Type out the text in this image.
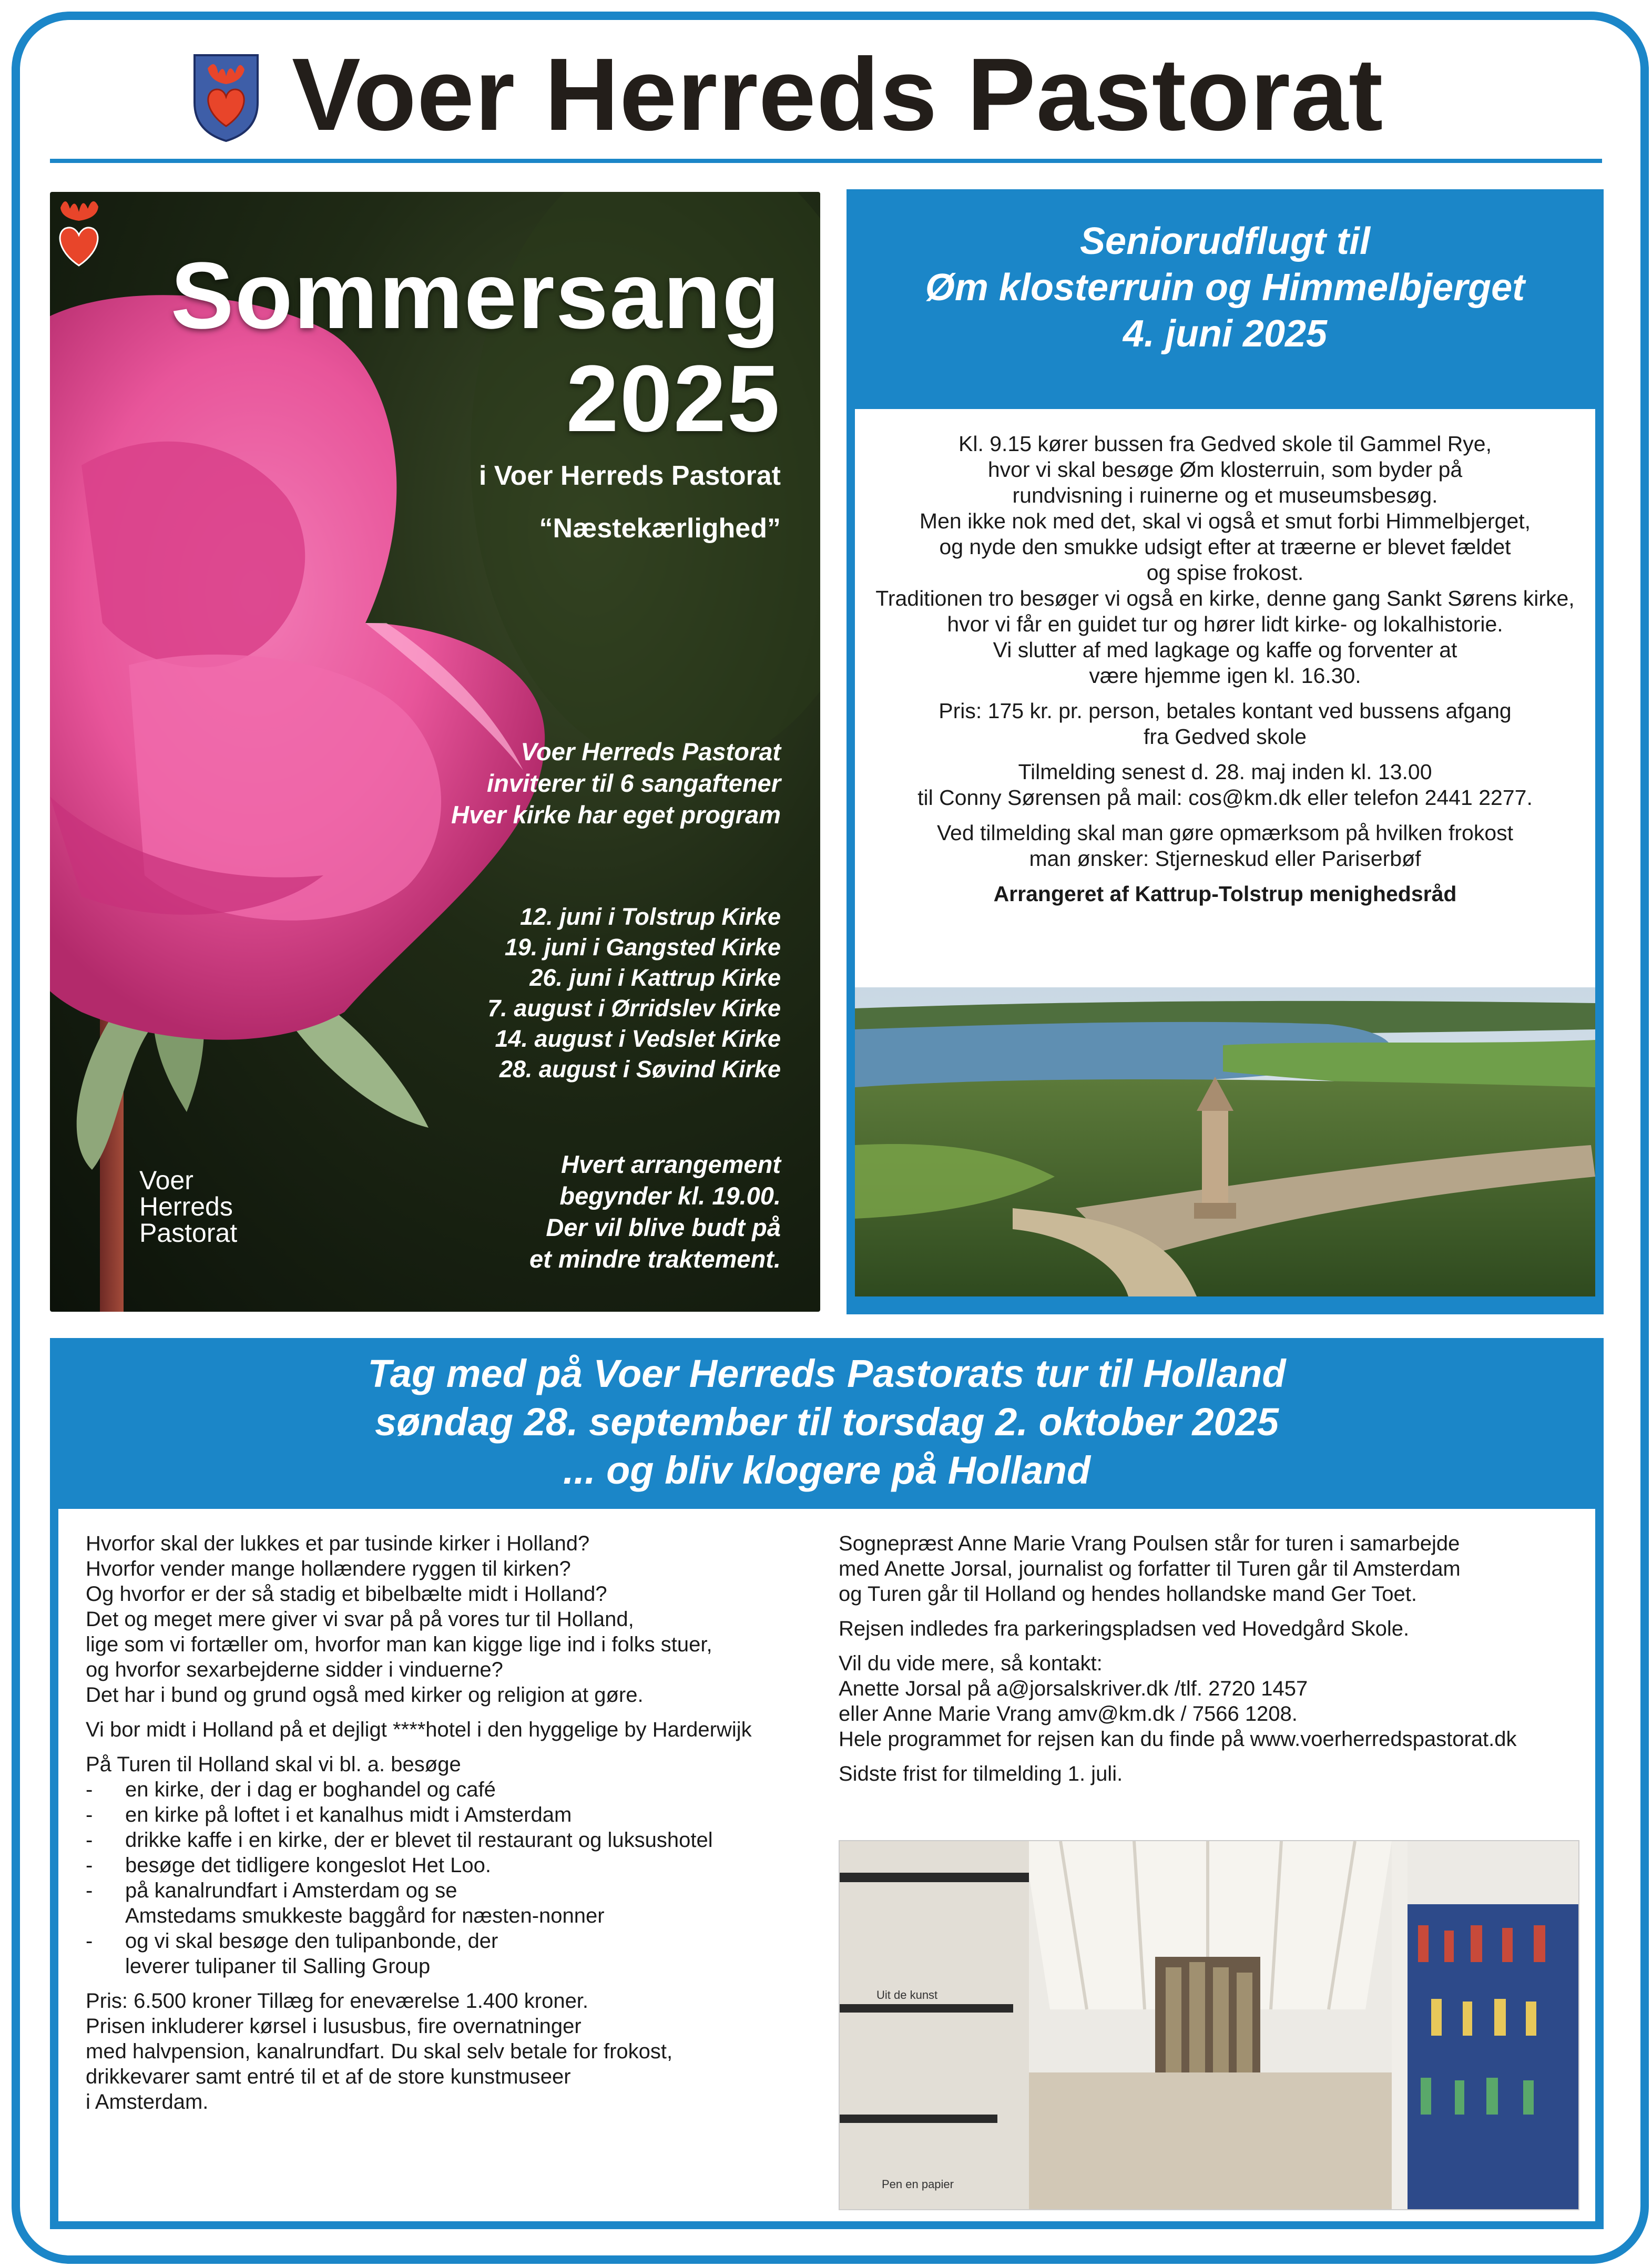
Voer Herreds Pastorat
Sommersang
2025
i Voer Herreds Pastorat
“Næstekærlighed”
Voer Herreds Pastorat
inviterer til 6 sangaftener
Hver kirke har eget program
12. juni i Tolstrup Kirke
19. juni i Gangsted Kirke
26. juni i Kattrup Kirke
7. august i Ørridslev Kirke
14. august i Vedslet Kirke
28. august i Søvind Kirke
Hvert arrangement
begynder kl. 19.00.
Der vil blive budt på
et mindre traktement.
Voer
Herreds
Pastorat
Seniorudflugt til
Øm klosterruin og Himmelbjerget
4. juni 2025

Kl. 9.15 kører bussen fra Gedved skole til Gammel Rye,
hvor vi skal besøge Øm klosterruin, som byder på
rundvisning i ruinerne og et museumsbesøg.
Men ikke nok med det, skal vi også et smut forbi Himmelbjerget,
og nyde den smukke udsigt efter at træerne er blevet fældet
og spise frokost.
Traditionen tro besøger vi også en kirke, denne gang Sankt Sørens kirke,
hvor vi får en guidet tur og hører lidt kirke- og lokalhistorie.
Vi slutter af med lagkage og kaffe og forventer at
være hjemme igen kl. 16.30.

Pris: 175 kr. pr. person, betales kontant ved bussens afgang
fra Gedved skole

Tilmelding senest d. 28. maj inden kl. 13.00
til Conny Sørensen på mail: cos@km.dk eller telefon 2441 2277.

Ved tilmelding skal man gøre opmærksom på hvilken frokost
man ønsker: Stjerneskud eller Pariserbøf

Arrangeret af Kattrup-Tolstrup menighedsråd

Tag med på Voer Herreds Pastorats tur til Holland
søndag 28. september til torsdag 2. oktober 2025
... og bliv klogere på Holland

Hvorfor skal der lukkes et par tusinde kirker i Holland?
Hvorfor vender mange hollændere ryggen til kirken?
Og hvorfor er der så stadig et bibelbælte midt i Holland?
Det og meget mere giver vi svar på på vores tur til Holland,
lige som vi fortæller om, hvorfor man kan kigge lige ind i folks stuer,
og hvorfor sexarbejderne sidder i vinduerne?
Det har i bund og grund også med kirker og religion at gøre.

Vi bor midt i Holland på et dejligt ****hotel i den hyggelige by Harderwijk

På Turen til Holland skal vi bl. a. besøge
- en kirke, der i dag er boghandel og café
- en kirke på loftet i et kanalhus midt i Amsterdam
- drikke kaffe i en kirke, der er blevet til restaurant og luksushotel
- besøge det tidligere kongeslot Het Loo.
- på kanalrundfart i Amsterdam og se
Amstedams smukkeste baggård for næsten-nonner
- og vi skal besøge den tulipanbonde, der
leverer tulipaner til Salling Group

Pris: 6.500 kroner Tillæg for eneværelse 1.400 kroner.
Prisen inkluderer kørsel i lususbus, fire overnatninger
med halvpension, kanalrundfart. Du skal selv betale for frokost,
drikkevarer samt entré til et af de store kunstmuseer
i Amsterdam.

Sognepræst Anne Marie Vrang Poulsen står for turen i samarbejde
med Anette Jorsal, journalist og forfatter til Turen går til Amsterdam
og Turen går til Holland og hendes hollandske mand Ger Toet.

Rejsen indledes fra parkeringspladsen ved Hovedgård Skole.

Vil du vide mere, så kontakt:
Anette Jorsal på a@jorsalskriver.dk /tlf. 2720 1457
eller Anne Marie Vrang amv@km.dk / 7566 1208.
Hele programmet for rejsen kan du finde på www.voerherredspastorat.dk

Sidste frist for tilmelding 1. juli.

Uit de kunst
Pen en papier
